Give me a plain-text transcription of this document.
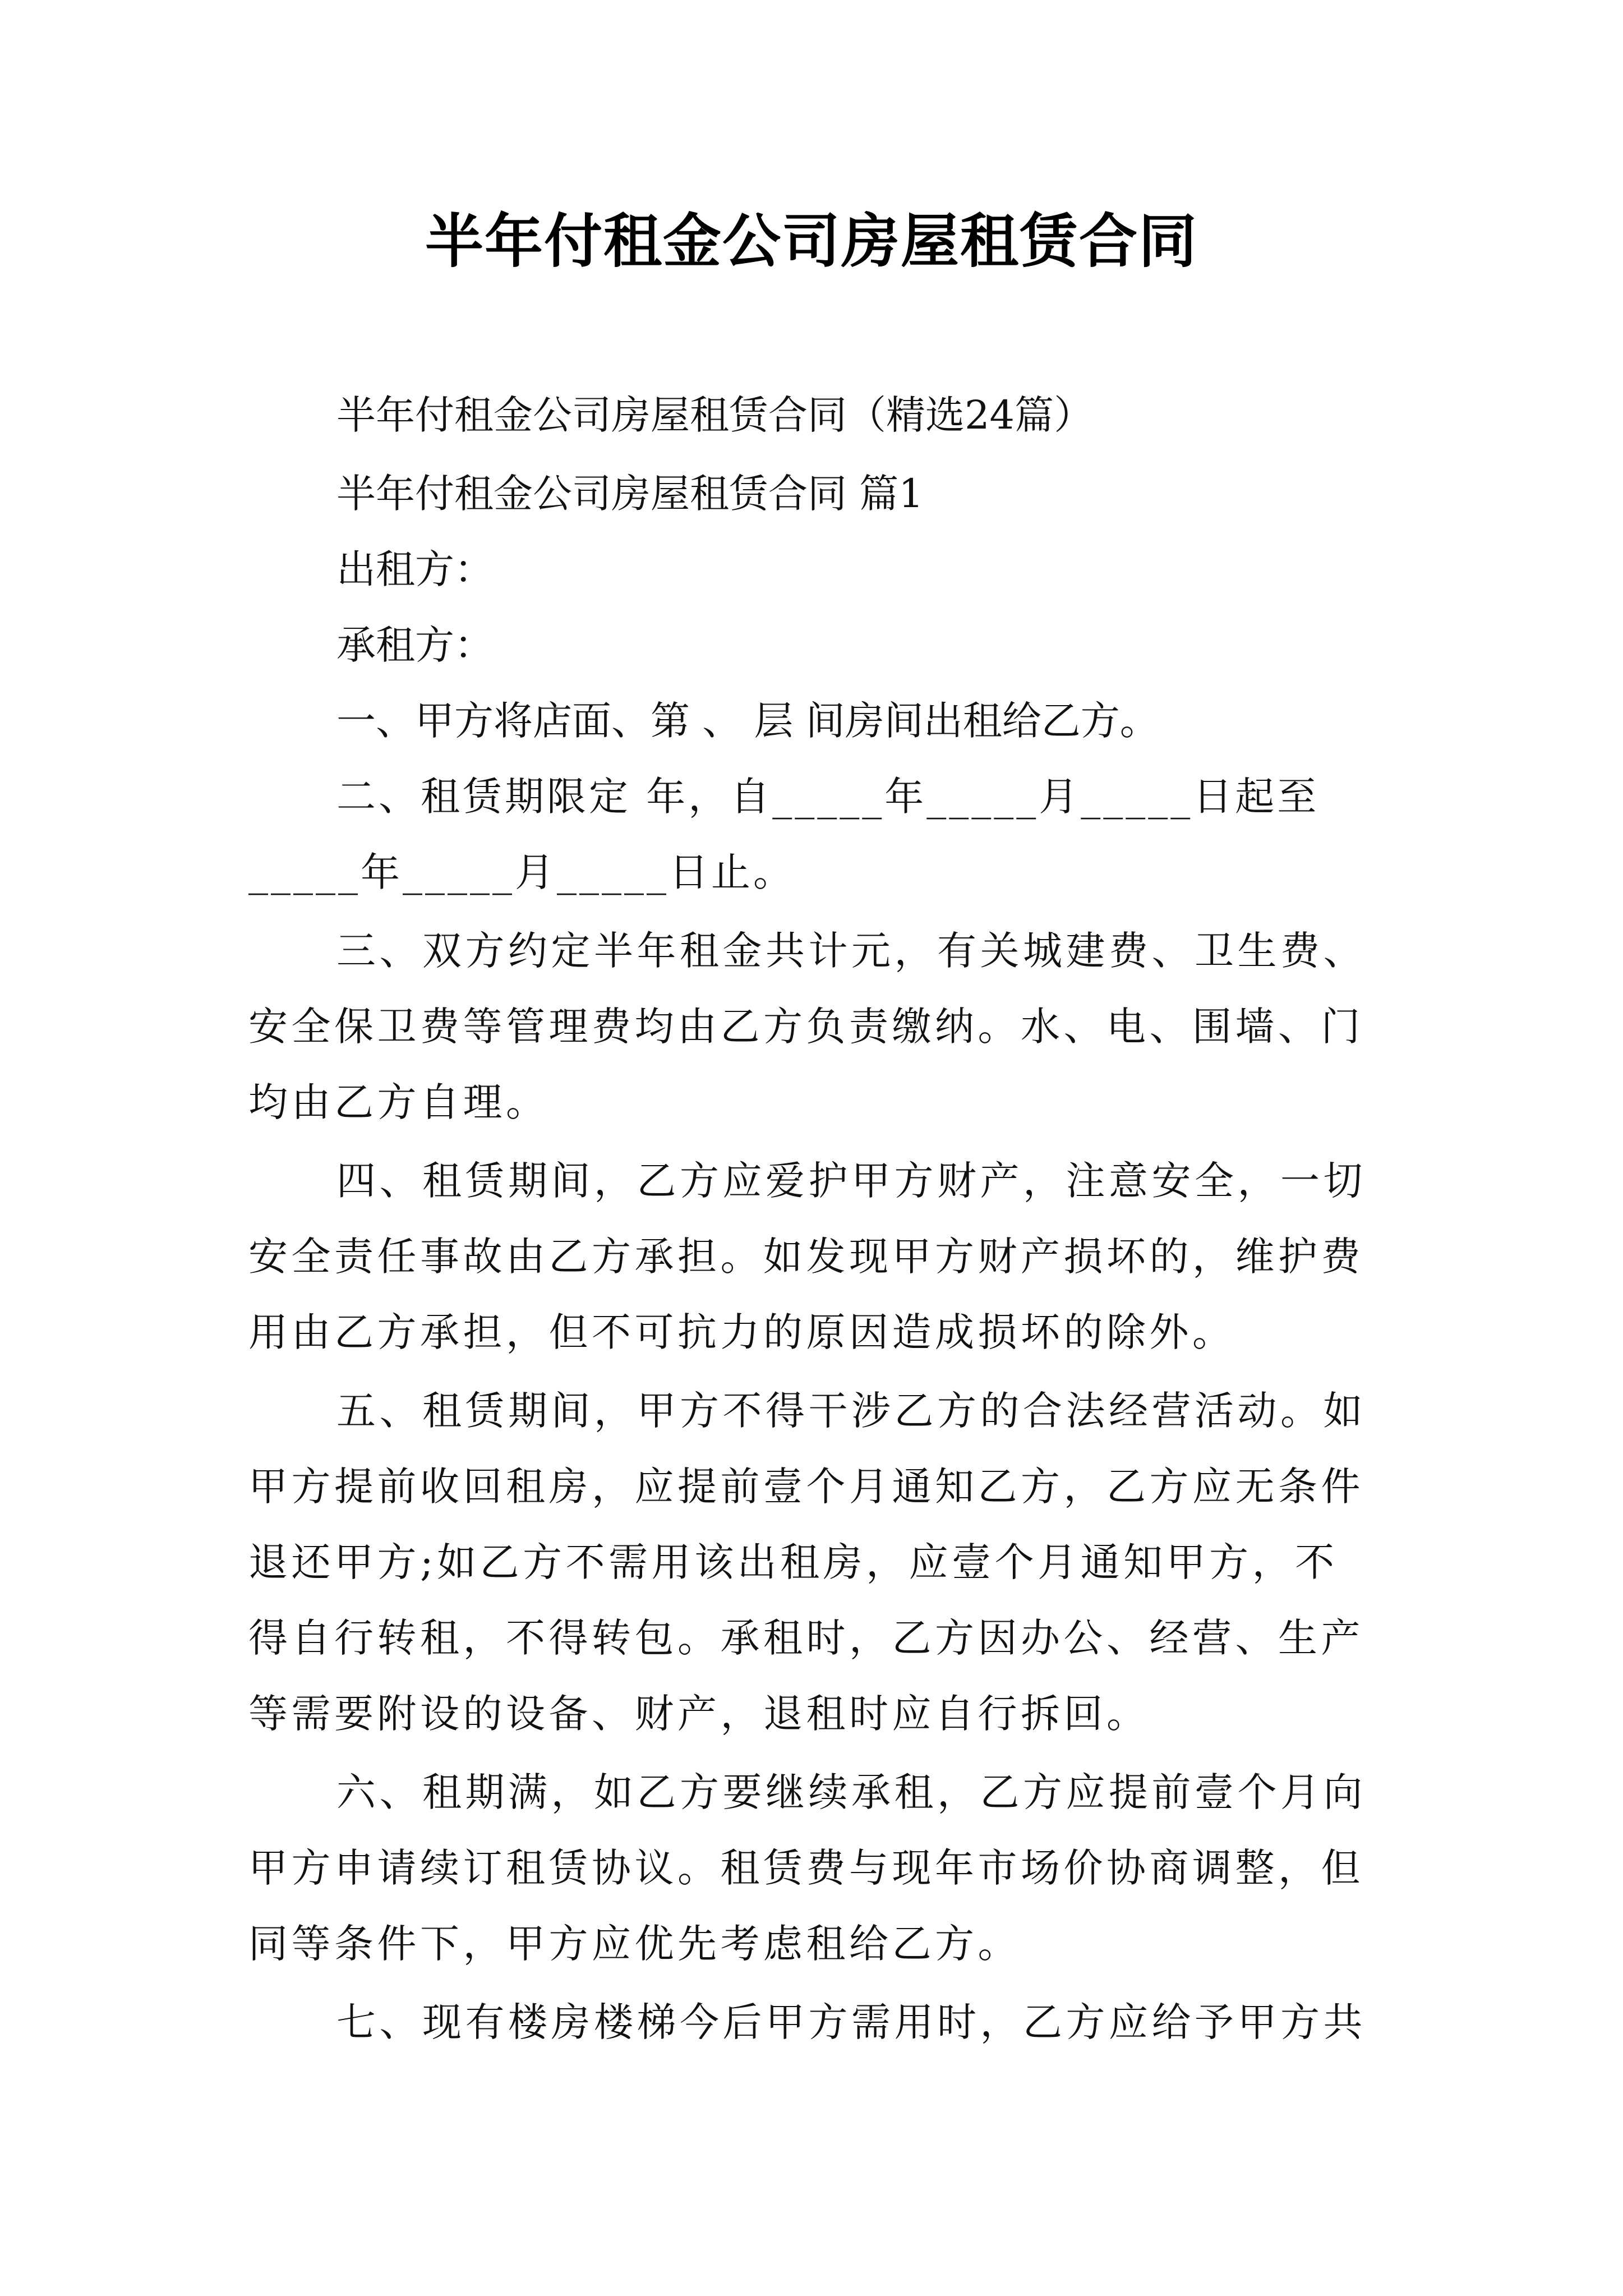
半年付租金公司房屋租赁合同
半年付租金公司房屋租赁合同（精选24篇）
半年付租金公司房屋租赁合同 篇1
出租方：
承租方：
一、甲方将店面、第 、 层 间房间出租给乙方。
二、租赁期限定 年，自_____年_____月_____日起至
_____年_____月_____日止。
三、双方约定半年租金共计元，有关城建费、卫生费、
安全保卫费等管理费均由乙方负责缴纳。水、电、围墙、门
均由乙方自理。
四、租赁期间，乙方应爱护甲方财产，注意安全，一切
安全责任事故由乙方承担。如发现甲方财产损坏的，维护费
用由乙方承担，但不可抗力的原因造成损坏的除外。
五、租赁期间，甲方不得干涉乙方的合法经营活动。如
甲方提前收回租房，应提前壹个月通知乙方，乙方应无条件
退还甲方;如乙方不需用该出租房，应壹个月通知甲方，不
得自行转租，不得转包。承租时，乙方因办公、经营、生产
等需要附设的设备、财产，退租时应自行拆回。
六、租期满，如乙方要继续承租，乙方应提前壹个月向
甲方申请续订租赁协议。租赁费与现年市场价协商调整，但
同等条件下，甲方应优先考虑租给乙方。
七、现有楼房楼梯今后甲方需用时，乙方应给予甲方共
